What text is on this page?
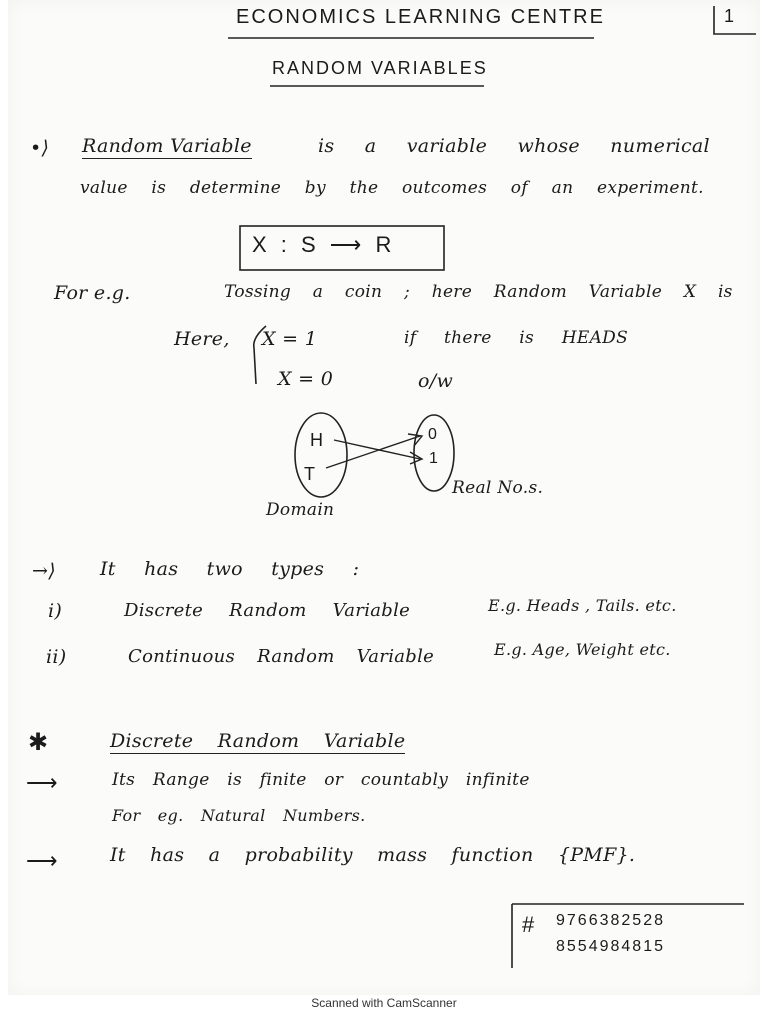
ECONOMICS LEARNING CENTRE	1
RANDOM VARIABLES
•⟩ Random Variable	is a variable whose numerical
value is determine by the outcomes of an experiment.
X : S ⟶ R
For e.g.	Tossing a coin ; here Random Variable X is
Here, X = 1	if there is HEADS
X = 0	o/w
H
T
0
1
Domain
Real No.s.
→⟩ It has two types :
i)	Discrete Random Variable	E.g. Heads , Tails. etc.
ii)	Continuous Random Variable	E.g. Age, Weight etc.
✱	Discrete Random Variable
⟶	Its Range is finite or countably infinite
For eg. Natural Numbers.
⟶	It has a probability mass function {PMF}.
# 9766382528
8554984815
Scanned with CamScanner
